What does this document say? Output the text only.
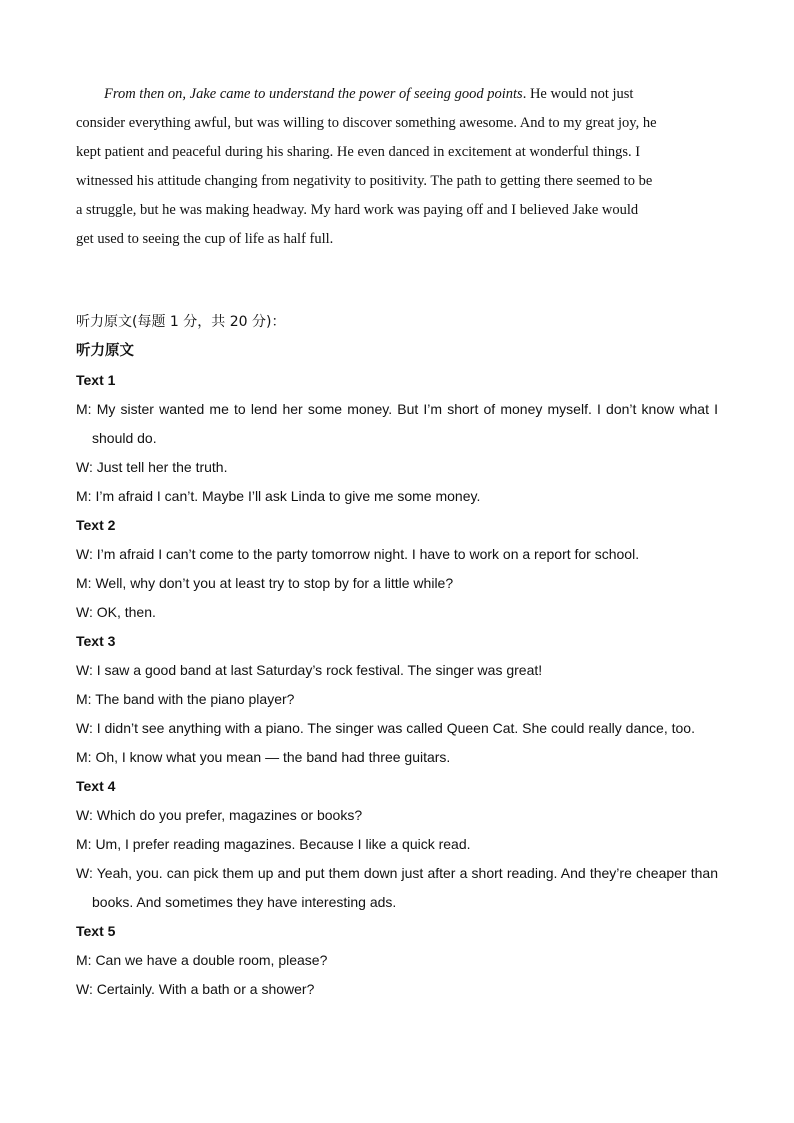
From then on, Jake came to understand the power of seeing good points. He would not just
consider everything awful, but was willing to discover something awesome. And to my great joy, he
kept patient and peaceful during his sharing. He even danced in excitement at wonderful things. I
witnessed his attitude changing from negativity to positivity. The path to getting there seemed to be
a struggle, but he was making headway. My hard work was paying off and I believed Jake would
get used to seeing the cup of life as half full.
听力原文(每题 1 分，共 20 分)：
听力原文
Text 1
M: My sister wanted me to lend her some money. But I’m short of money myself. I don’t know what I should do.
W: Just tell her the truth.
M: I’m afraid I can’t. Maybe I’ll ask Linda to give me some money.
Text 2
W: I’m afraid I can’t come to the party tomorrow night. I have to work on a report for school.
M: Well, why don’t you at least try to stop by for a little while?
W: OK, then.
Text 3
W: I saw a good band at last Saturday’s rock festival. The singer was great!
M: The band with the piano player?
W: I didn’t see anything with a piano. The singer was called Queen Cat. She could really dance, too.
M: Oh, I know what you mean — the band had three guitars.
Text 4
W: Which do you prefer, magazines or books?
M: Um, I prefer reading magazines. Because I like a quick read.
W: Yeah, you. can pick them up and put them down just after a short reading. And they’re cheaper than books. And sometimes they have interesting ads.
Text 5
M: Can we have a double room, please?
W: Certainly. With a bath or a shower?
